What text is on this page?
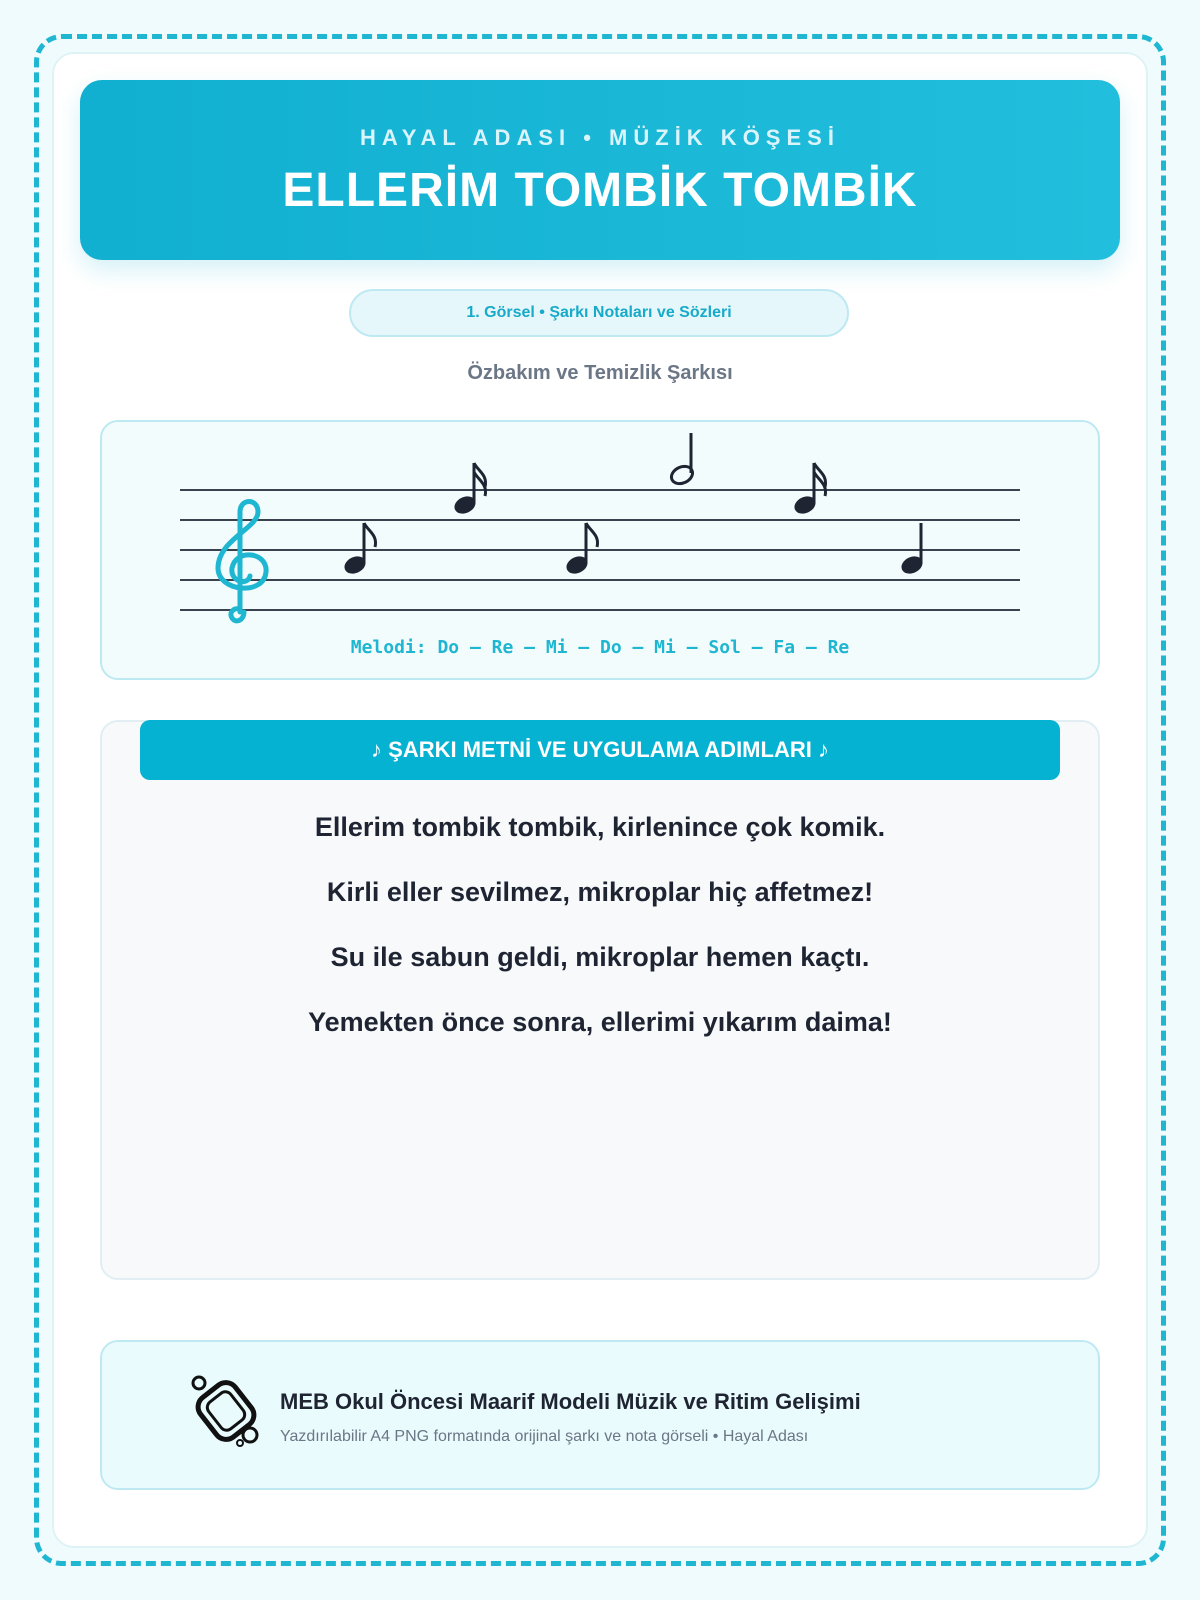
HAYAL ADASI • MÜZİK KÖŞESİ
ELLERİM TOMBİK TOMBİK
1. Görsel • Şarkı Notaları ve Sözleri
Özbakım ve Temizlik Şarkısı
Melodi: Do – Re – Mi – Do – Mi – Sol – Fa – Re
♪ ŞARKI METNİ VE UYGULAMA ADIMLARI ♪
Ellerim tombik tombik, kirlenince çok komik.
Kirli eller sevilmez, mikroplar hiç affetmez!
Su ile sabun geldi, mikroplar hemen kaçtı.
Yemekten önce sonra, ellerimi yıkarım daima!
MEB Okul Öncesi Maarif Modeli Müzik ve Ritim Gelişimi
Yazdırılabilir A4 PNG formatında orijinal şarkı ve nota görseli • Hayal Adası
